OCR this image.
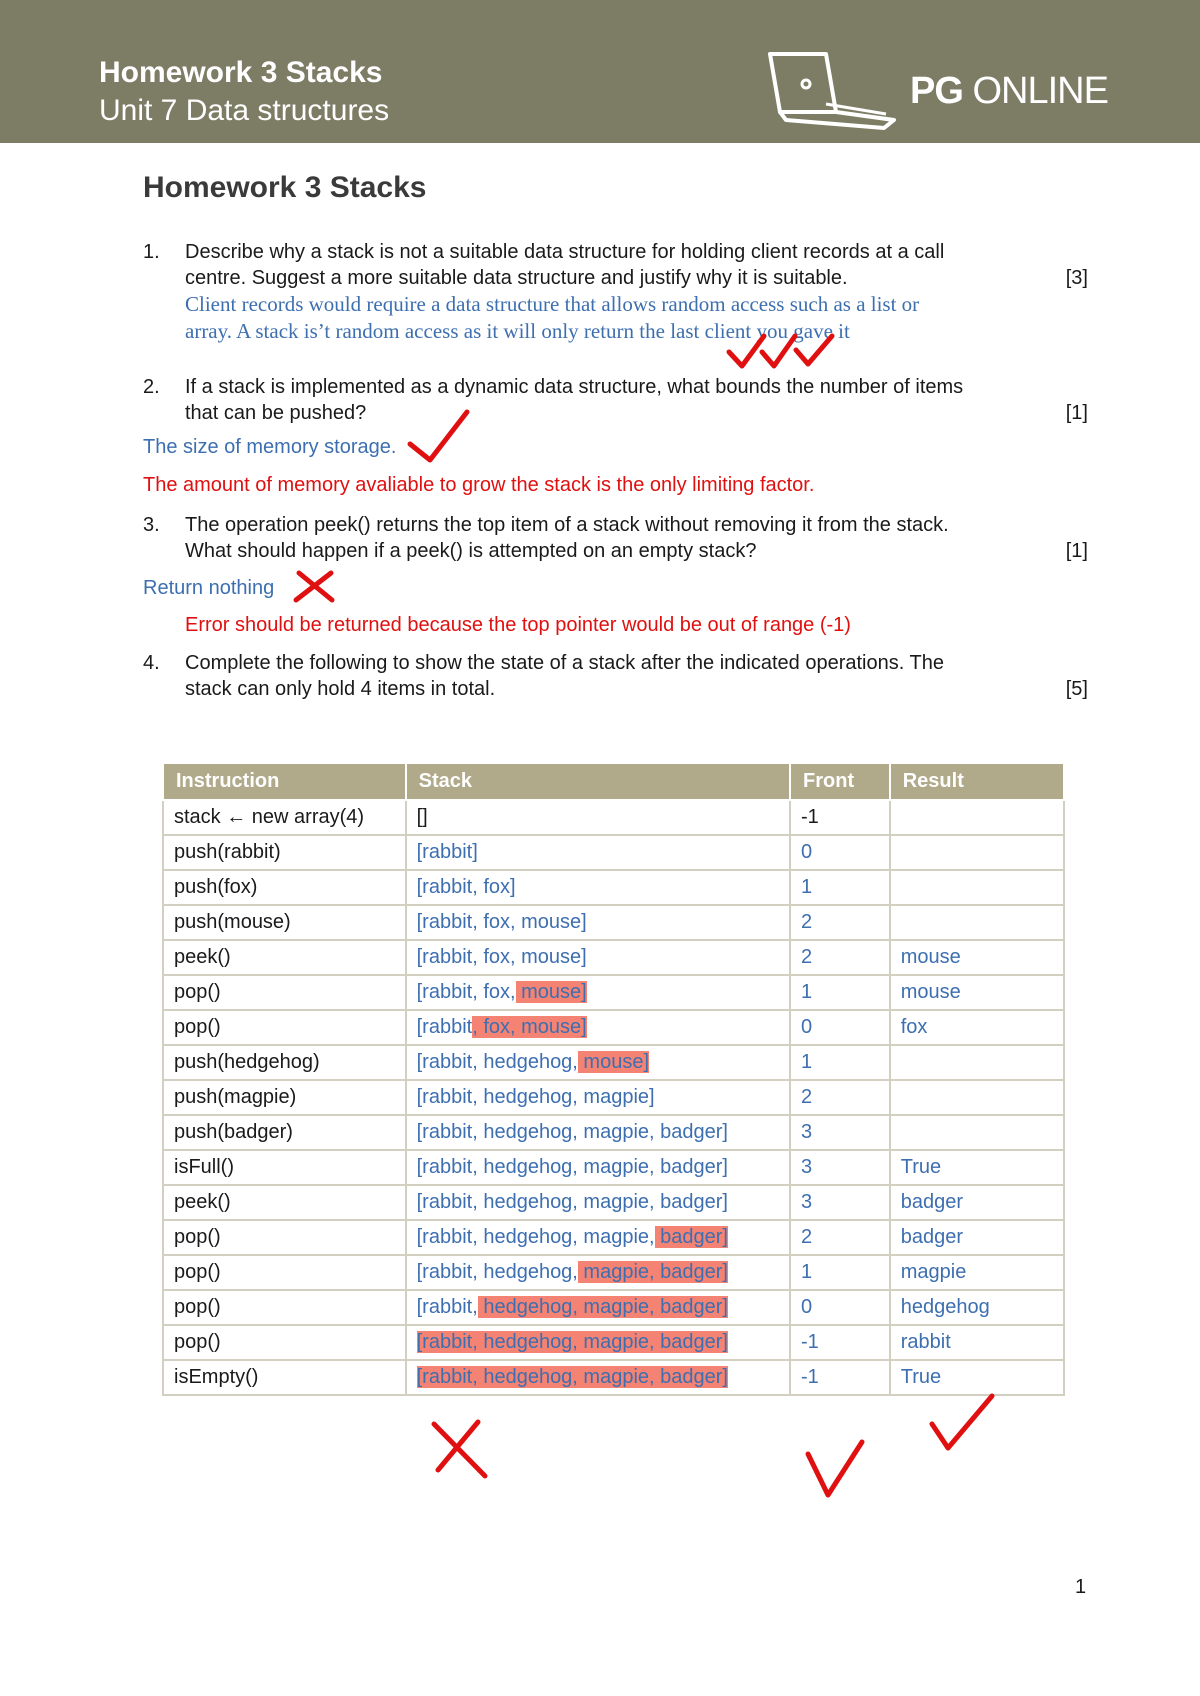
Homework 3 Stacks
Unit 7 Data structures	PG ONLINE
Homework 3 Stacks
1. Describe why a stack is not a suitable data structure for holding client records at a call
centre. Suggest a more suitable data structure and justify why it is suitable.
Client records would require a data structure that allows random access such as a list or
array. A stack is’t random access as it will only return the last client you gave it
[3]
2. If a stack is implemented as a dynamic data structure, what bounds the number of items
that can be pushed?	[1]
The size of memory storage.
The amount of memory avaliable to grow the stack is the only limiting factor.
3. The operation peek() returns the top item of a stack without removing it from the stack.
What should happen if a peek() is attempted on an empty stack?	[1]
Return nothing
Error should be returned because the top pointer would be out of range (-1)
4. Complete the following to show the state of a stack after the indicated operations. The
stack can only hold 4 items in total.	[5]
Instruction	Stack	Front	Result
stack ← new array(4)	[]	-1	
push(rabbit)	[rabbit]	0	
push(fox)	[rabbit, fox]	1	
push(mouse)	[rabbit, fox, mouse]	2	
peek()	[rabbit, fox, mouse]	2	mouse
pop()	[rabbit, fox, mouse]	1	mouse
pop()	[rabbit, fox, mouse]	0	fox
push(hedgehog)	[rabbit, hedgehog, mouse]	1	
push(magpie)	[rabbit, hedgehog, magpie]	2	
push(badger)	[rabbit, hedgehog, magpie, badger]	3	
isFull()	[rabbit, hedgehog, magpie, badger]	3	True
peek()	[rabbit, hedgehog, magpie, badger]	3	badger
pop()	[rabbit, hedgehog, magpie, badger]	2	badger
pop()	[rabbit, hedgehog, magpie, badger]	1	magpie
pop()	[rabbit, hedgehog, magpie, badger]	0	hedgehog
pop()	[rabbit, hedgehog, magpie, badger]	-1	rabbit
isEmpty()	[rabbit, hedgehog, magpie, badger]	-1	True
1
